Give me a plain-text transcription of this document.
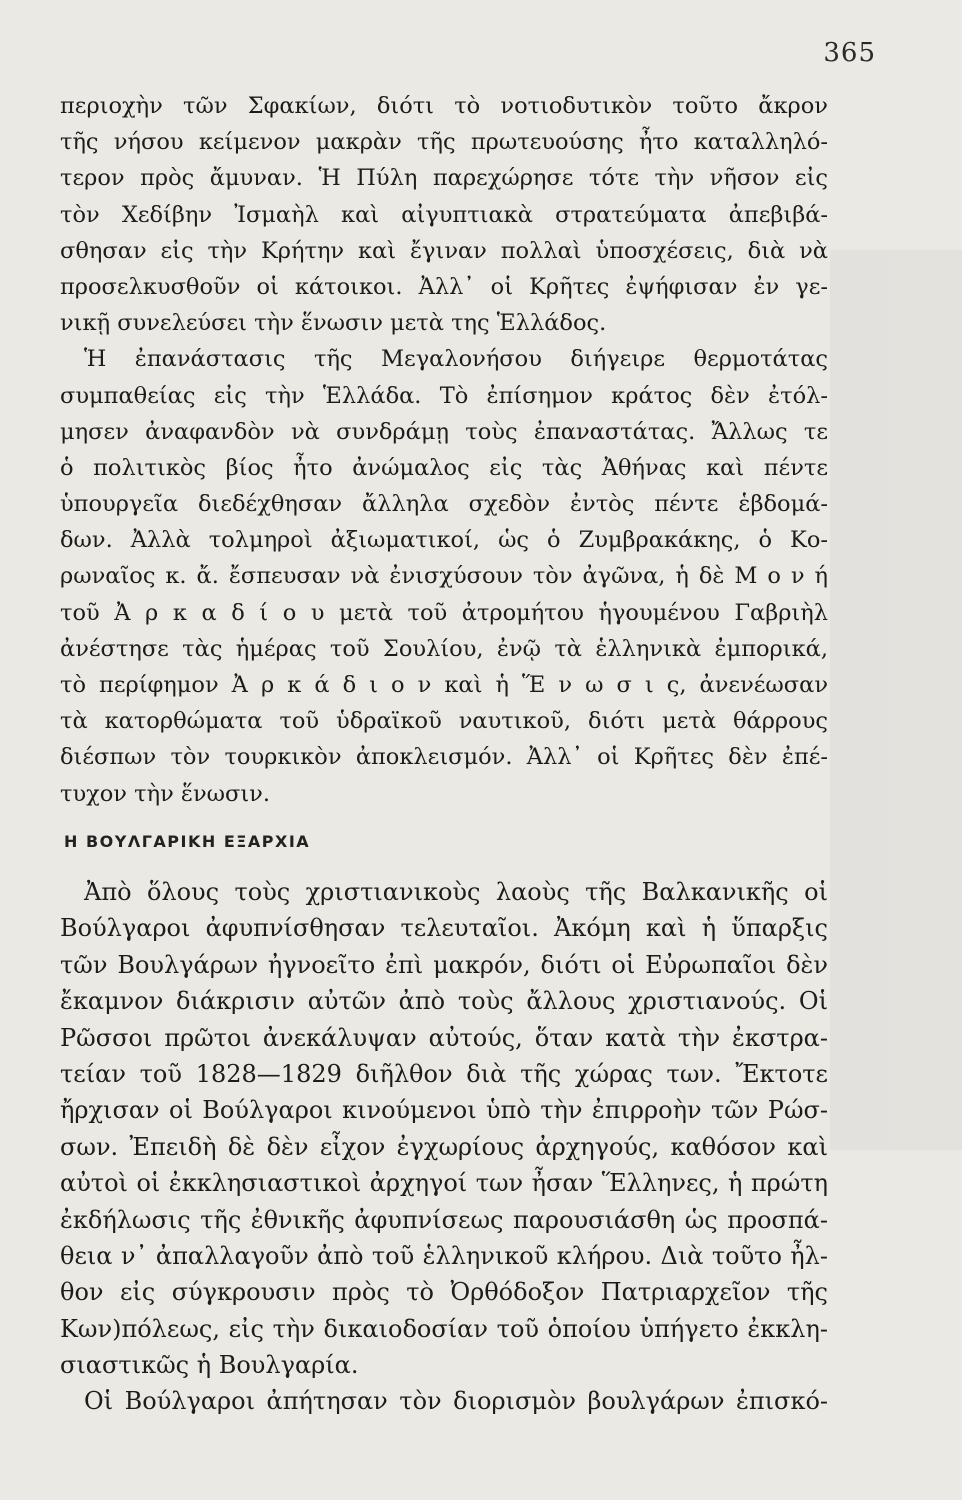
365
περιοχὴν τῶν Σφακίων, διότι τὸ νοτιοδυτικὸν τοῦτο ἄκρον
τῆς νήσου κείμενον μακρὰν τῆς πρωτευούσης ἦτο καταλληλό-
τερον πρὸς ἄμυναν. Ἡ Πύλη παρεχώρησε τότε τὴν νῆσον εἰς
τὸν Χεδίβην Ἰσμαὴλ καὶ αἰγυπτιακὰ στρατεύματα ἀπεβιβά-
σθησαν εἰς τὴν Κρήτην καὶ ἔγιναν πολλαὶ ὑποσχέσεις, διὰ νὰ
προσελκυσθοῦν οἱ κάτοικοι. Ἀλλ᾽ οἱ Κρῆτες ἐψήφισαν ἐν γε-
νικῇ συνελεύσει τὴν ἕνωσιν μετὰ της Ἑλλάδος.
Ἡ ἐπανάστασις τῆς Μεγαλονήσου διήγειρε θερμοτάτας
συμπαθείας εἰς τὴν Ἑλλάδα. Τὸ ἐπίσημον κράτος δὲν ἐτόλ-
μησεν ἀναφανδὸν νὰ συνδράμῃ τοὺς ἐπαναστάτας. Ἄλλως τε
ὁ πολιτικὸς βίος ἦτο ἀνώμαλος εἰς τὰς Ἀθήνας καὶ πέντε
ὑπουργεῖα διεδέχθησαν ἄλληλα σχεδὸν ἐντὸς πέντε ἑβδομά-
δων. Ἀλλὰ τολμηροὶ ἀξιωματικοί, ὡς ὁ Ζυμβρακάκης, ὁ Κο-
ρωναῖος κ. ἄ. ἔσπευσαν νὰ ἐνισχύσουν τὸν ἀγῶνα, ἡ δὲ Μ ο ν ή
τοῦ Ἀ ρ κ α δ ί ο υ μετὰ τοῦ ἀτρομήτου ἡγουμένου Γαβριὴλ
ἀνέστησε τὰς ἡμέρας τοῦ Σουλίου, ἐνῷ τὰ ἑλληνικὰ ἐμπορικά,
τὸ περίφημον Ἀ ρ κ ά δ ι ο ν καὶ ἡ Ἕ ν ω σ ι ς, ἀνενέωσαν
τὰ κατορθώματα τοῦ ὑδραϊκοῦ ναυτικοῦ, διότι μετὰ θάρρους
διέσπων τὸν τουρκικὸν ἀποκλεισμόν. Ἀλλ᾽ οἱ Κρῆτες δὲν ἐπέ-
τυχον τὴν ἕνωσιν.
Η ΒΟΥΛΓΑΡΙΚΗ ΕΞΑΡΧΙΑ
Ἀπὸ ὅλους τοὺς χριστιανικοὺς λαοὺς τῆς Βαλκανικῆς οἱ
Βούλγαροι ἀφυπνίσθησαν τελευταῖοι. Ἀκόμη καὶ ἡ ὕπαρξις
τῶν Βουλγάρων ἠγνοεῖτο ἐπὶ μακρόν, διότι οἱ Εὐρωπαῖοι δὲν
ἔκαμνον διάκρισιν αὐτῶν ἀπὸ τοὺς ἄλλους χριστιανούς. Οἱ
Ρῶσσοι πρῶτοι ἀνεκάλυψαν αὐτούς, ὅταν κατὰ τὴν ἐκστρα-
τείαν τοῦ 1828—1829 διῆλθον διὰ τῆς χώρας των. Ἔκτοτε
ἤρχισαν οἱ Βούλγαροι κινούμενοι ὑπὸ τὴν ἐπιρροὴν τῶν Ρώσ-
σων. Ἐπειδὴ δὲ δὲν εἶχον ἐγχωρίους ἀρχηγούς, καθόσον καὶ
αὐτοὶ οἱ ἐκκλησιαστικοὶ ἀρχηγοί των ἦσαν Ἕλληνες, ἡ πρώτη
ἐκδήλωσις τῆς ἐθνικῆς ἀφυπνίσεως παρουσιάσθη ὡς προσπά-
θεια ν᾽ ἀπαλλαγοῦν ἀπὸ τοῦ ἑλληνικοῦ κλήρου. Διὰ τοῦτο ἦλ-
θον εἰς σύγκρουσιν πρὸς τὸ Ὀρθόδοξον Πατριαρχεῖον τῆς
Κων)πόλεως, εἰς τὴν δικαιοδοσίαν τοῦ ὁποίου ὑπήγετο ἐκκλη-
σιαστικῶς ἡ Βουλγαρία.
Οἱ Βούλγαροι ἀπήτησαν τὸν διορισμὸν βουλγάρων ἐπισκό-
